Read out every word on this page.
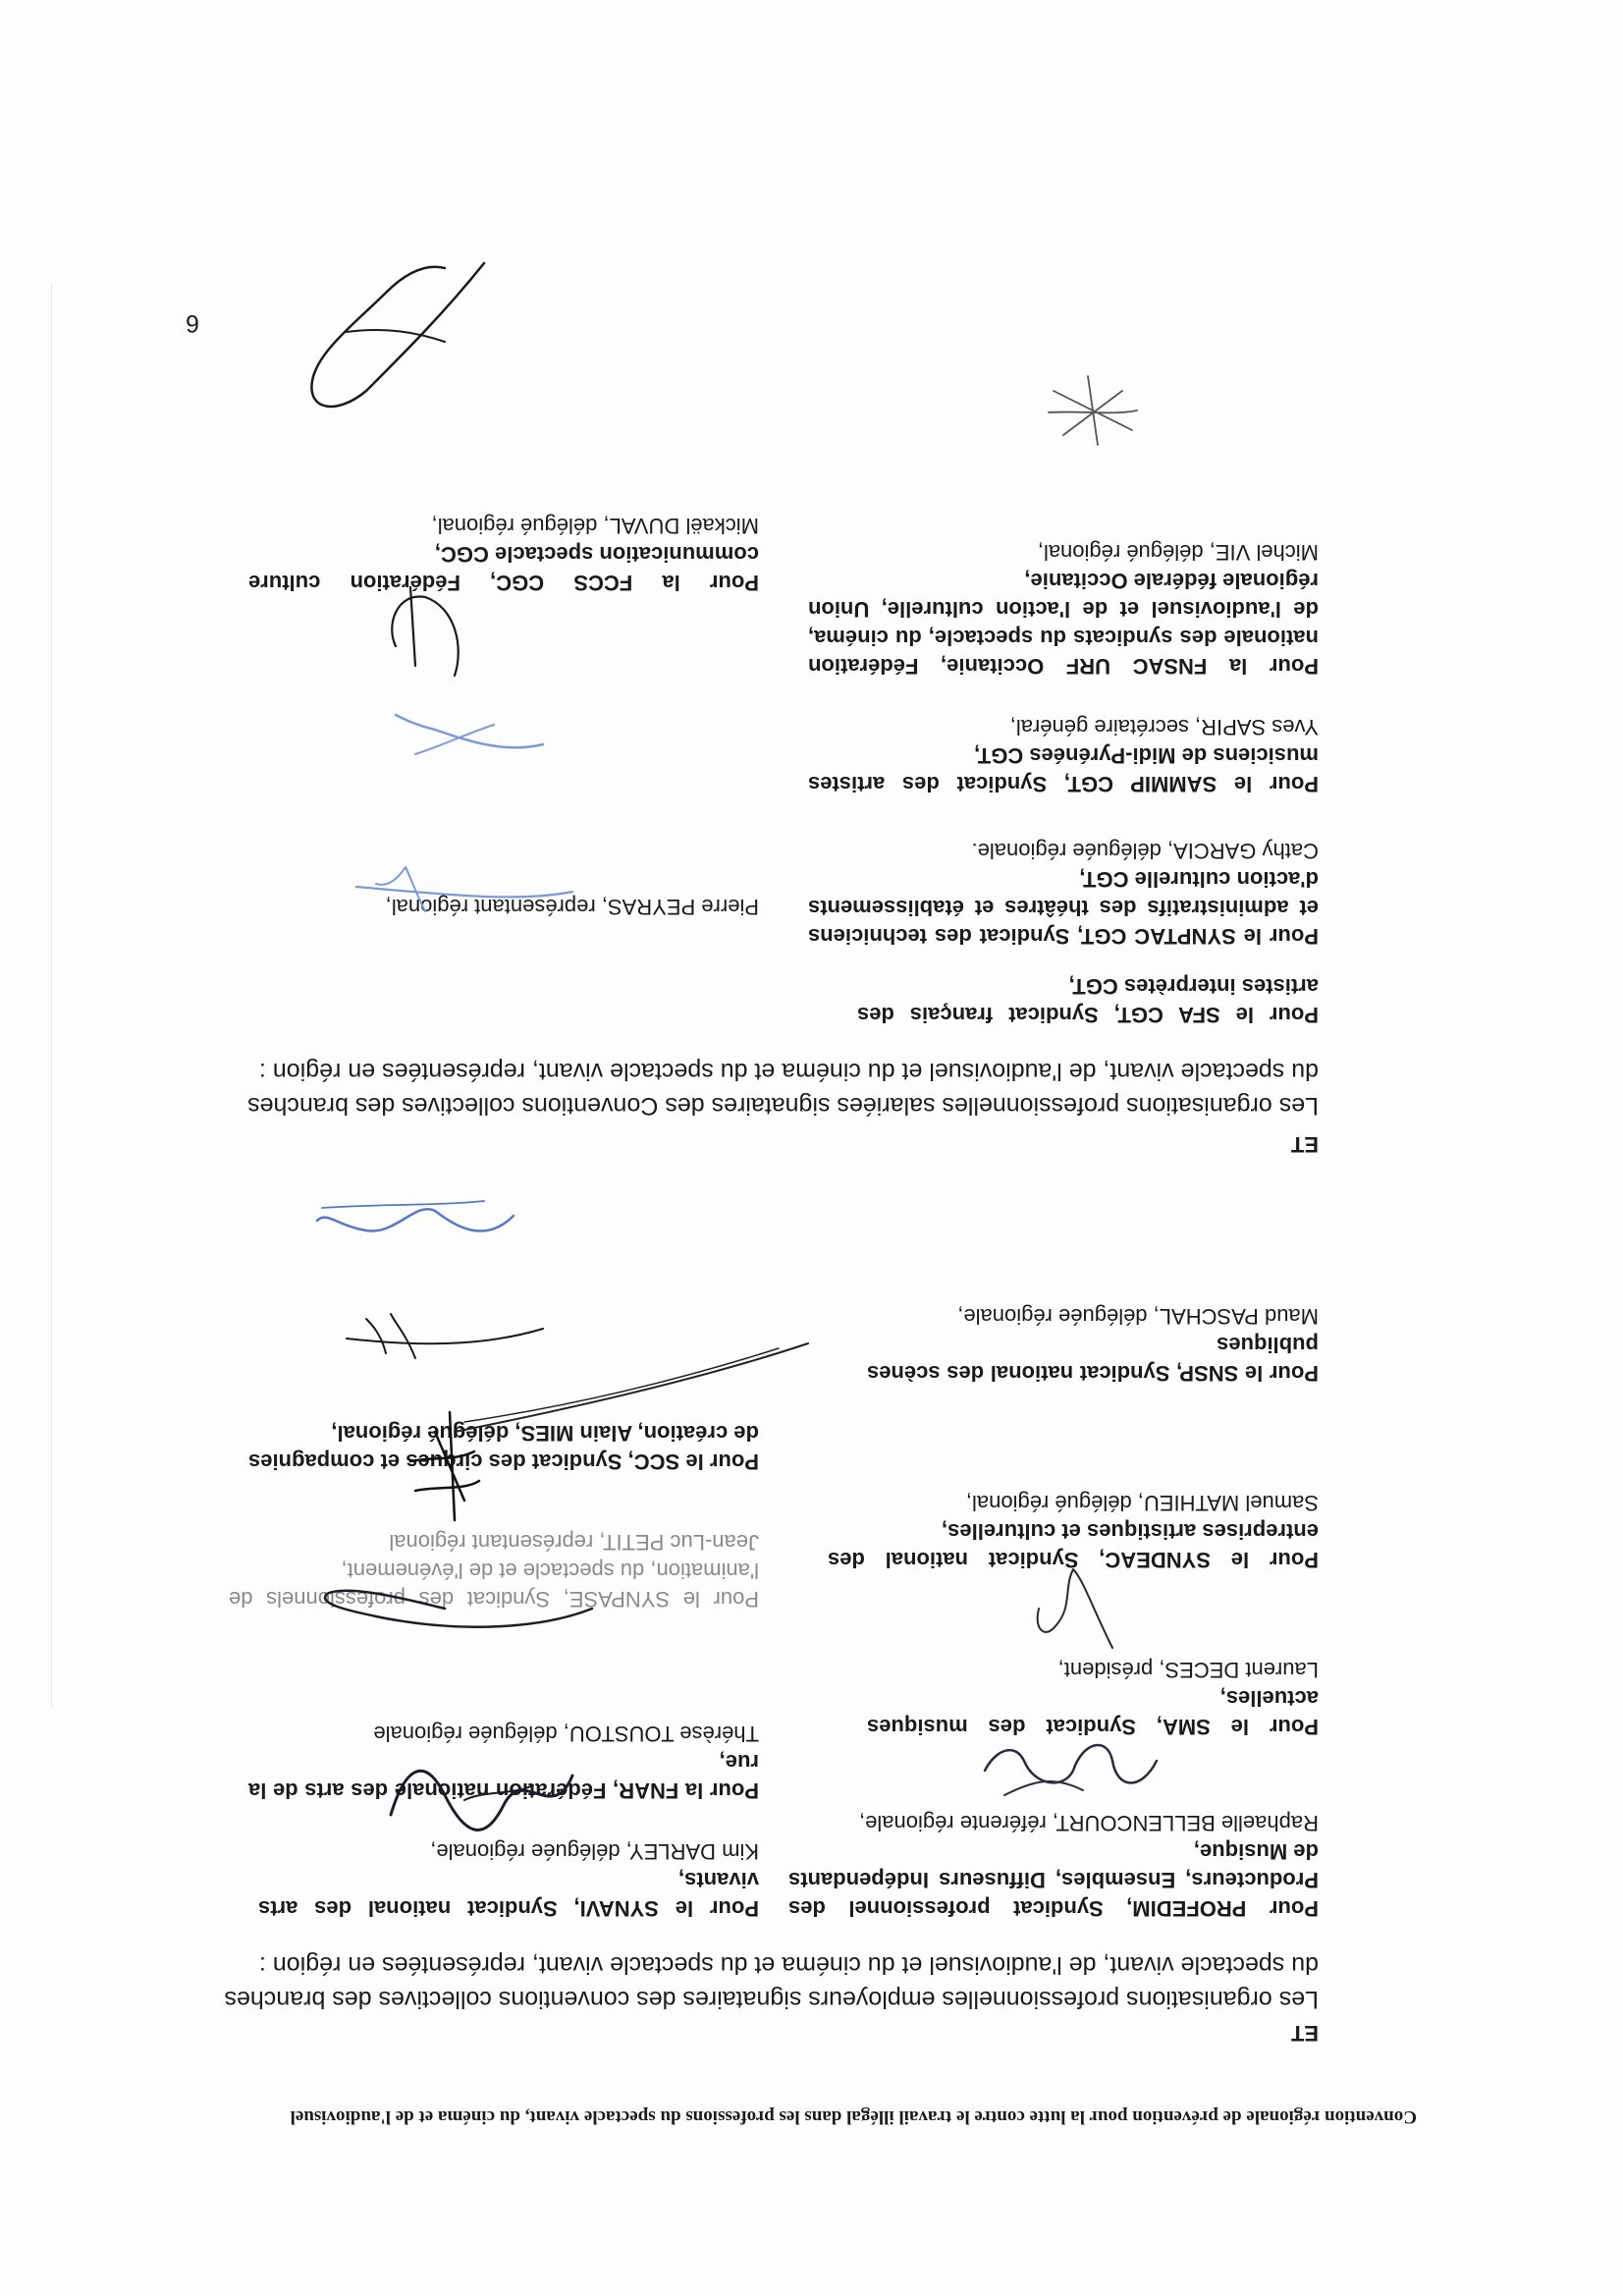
Convention régionale de prévention pour la lutte contre le travail illégal dans les professions du spectacle vivant, du cinéma et de l'audiovisuel
ET
Les organisations professionnelles employeurs signataires des conventions collectives des branches du spectacle vivant, de l'audiovisuel et du cinéma et du spectacle vivant, représentées en région :
Pour PROFEDIM, Syndicat professionnel des Producteurs, Ensembles, Diffuseurs Indépendants de Musique,
Raphaelle BELLENCOURT, référente régionale,
Pour le SMA, Syndicat des musiques actuelles,
Laurent DECES, président,
Pour le SYNDEAC, Syndicat national des entreprises artistiques et culturelles,
Samuel MATHIEU, délégué régional,
Pour le SNSP, Syndicat national des scènes publiques
Maud PASCHAL, déléguée régionale,
Pour le SYNAVI, Syndicat national des arts vivants,
Kim DARLEY, déléguée régionale,
Pour la FNAR, Fédération nationale des arts de la rue,
Thérèse TOUSTOU, déléguée régionale
Pour le SYNPASE, Syndicat des professionnels de l'animation, du spectacle et de l'événement,
Jean-Luc PETIT, représentant régional
Pour le SCC, Syndicat des cirques et compagnies de création, Alain MIES, délégué régional,
ET
Les organisations professionnelles salariées signataires des Conventions collectives des branches du spectacle vivant, de l'audiovisuel et du cinéma et du spectacle vivant, représentées en région :
Pour le SFA CGT, Syndicat français des artistes interprètes CGT,
Pour le SYNPTAC CGT, Syndicat des techniciens et administratifs des théâtres et établissements d'action culturelle CGT,
Cathy GARCIA, déléguée régionale.
Pierre PEYRAS, représentant régional,
Pour le SAMMIP CGT, Syndicat des artistes musiciens de Midi-Pyrénées CGT,
Yves SAPIR, secrétaire général,
Pour la FNSAC URF Occitanie, Fédération nationale des syndicats du spectacle, du cinéma, de l'audiovisuel et de l'action culturelle, Union régionale fédérale Occitanie,
Michel VIE, délégué régional,
Pour la FCCS CGC, Fédération culture communication spectacle CGC,
Mickaël DUVAL, délégué régional,
6
